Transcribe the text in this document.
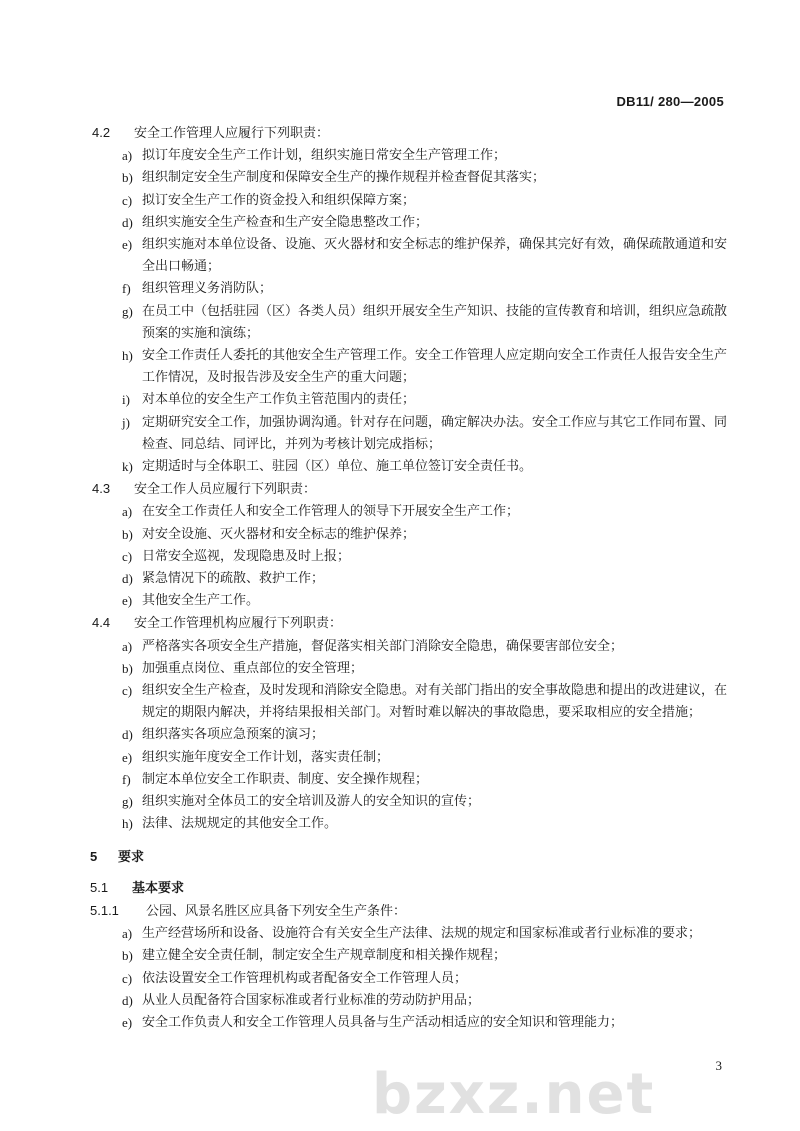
DB11/ 280—2005
4.2 安全工作管理人应履行下列职责：
a) 拟订年度安全生产工作计划，组织实施日常安全生产管理工作；
b) 组织制定安全生产制度和保障安全生产的操作规程并检查督促其落实；
c) 拟订安全生产工作的资金投入和组织保障方案；
d) 组织实施安全生产检查和生产安全隐患整改工作；
e) 组织实施对本单位设备、设施、灭火器材和安全标志的维护保养，确保其完好有效，确保疏散通道和安全出口畅通；
f) 组织管理义务消防队；
g) 在员工中（包括驻园（区）各类人员）组织开展安全生产知识、技能的宣传教育和培训，组织应急疏散预案的实施和演练；
h) 安全工作责任人委托的其他安全生产管理工作。安全工作管理人应定期向安全工作责任人报告安全生产工作情况，及时报告涉及安全生产的重大问题；
i) 对本单位的安全生产工作负主管范围内的责任；
j) 定期研究安全工作，加强协调沟通。针对存在问题，确定解决办法。安全工作应与其它工作同布置、同检查、同总结、同评比，并列为考核计划完成指标；
k) 定期适时与全体职工、驻园（区）单位、施工单位签订安全责任书。
4.3 安全工作人员应履行下列职责：
a) 在安全工作责任人和安全工作管理人的领导下开展安全生产工作；
b) 对安全设施、灭火器材和安全标志的维护保养；
c) 日常安全巡视，发现隐患及时上报；
d) 紧急情况下的疏散、救护工作；
e) 其他安全生产工作。
4.4 安全工作管理机构应履行下列职责：
a) 严格落实各项安全生产措施，督促落实相关部门消除安全隐患，确保要害部位安全；
b) 加强重点岗位、重点部位的安全管理；
c) 组织安全生产检查，及时发现和消除安全隐患。对有关部门指出的安全事故隐患和提出的改进建议，在规定的期限内解决，并将结果报相关部门。对暂时难以解决的事故隐患，要采取相应的安全措施；
d) 组织落实各项应急预案的演习；
e) 组织实施年度安全工作计划，落实责任制；
f) 制定本单位安全工作职责、制度、安全操作规程；
g) 组织实施对全体员工的安全培训及游人的安全知识的宣传；
h) 法律、法规规定的其他安全工作。
5 要求
5.1 基本要求
5.1.1 公园、风景名胜区应具备下列安全生产条件：
a) 生产经营场所和设备、设施符合有关安全生产法律、法规的规定和国家标准或者行业标准的要求；
b) 建立健全安全责任制，制定安全生产规章制度和相关操作规程；
c) 依法设置安全工作管理机构或者配备安全工作管理人员；
d) 从业人员配备符合国家标准或者行业标准的劳动防护用品；
e) 安全工作负责人和安全工作管理人员具备与生产活动相适应的安全知识和管理能力；
bzxz.net	3
